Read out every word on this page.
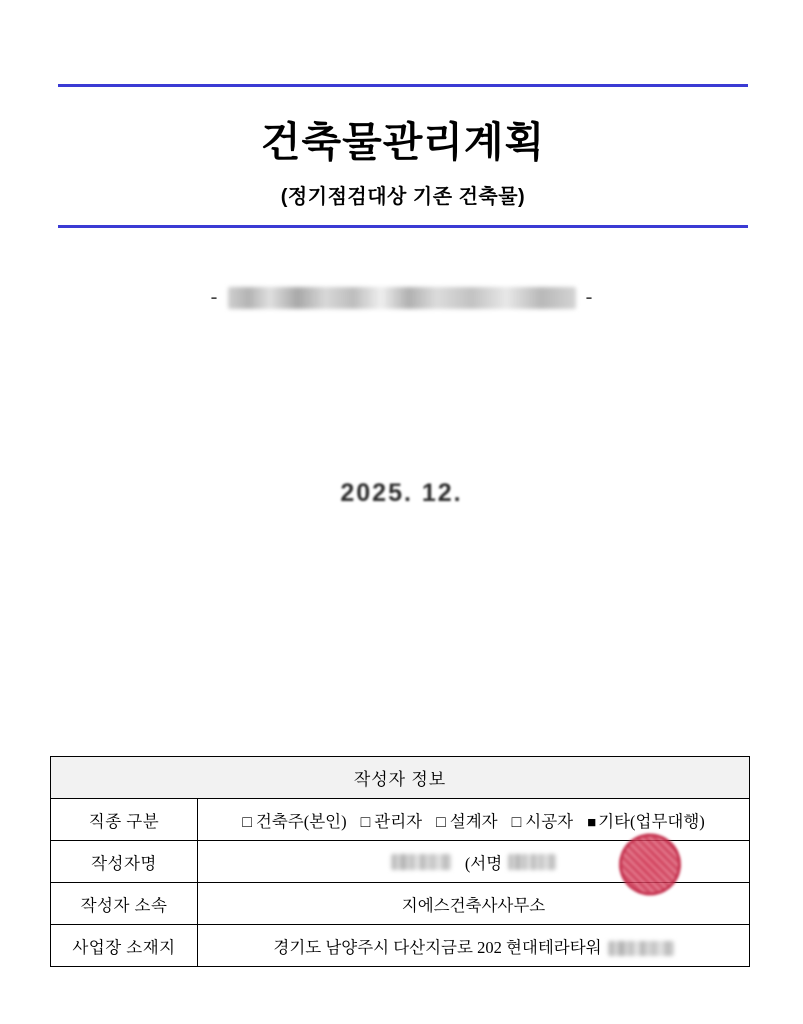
건축물관리계획
(정기점검대상 기존 건축물)
-	-
2025. 12.
작성자 정보	
직종 구분	□ 건축주(본인) □ 관리자 □ 설계자 □ 시공자 ■ 기타(업무대행)

작성자명	(서명

작성자 소속	지에스건축사사무소
사업장 소재지	경기도 남양주시 다산지금로 202 현대테라타워
